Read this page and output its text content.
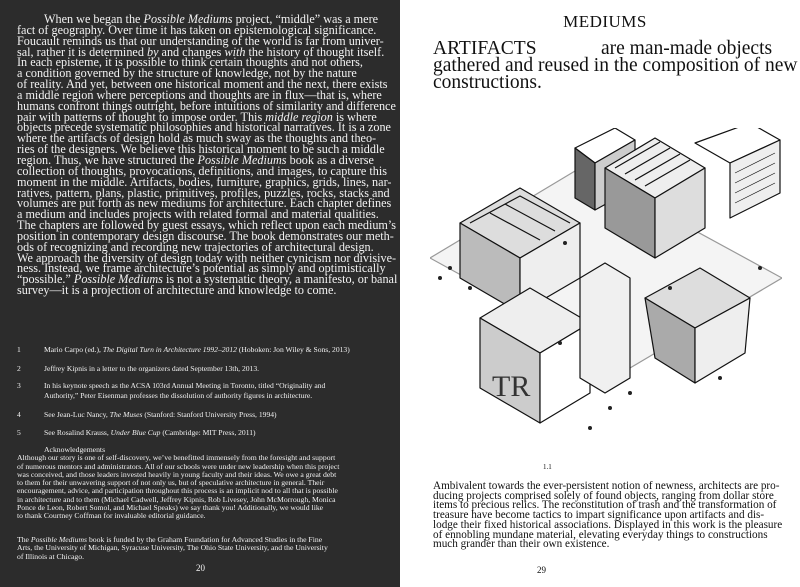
When we began the Possible Mediums project, “middle” was a mere
fact of geography. Over time it has taken on epistemological significance.
Foucault reminds us that our understanding of the world is far from univer-
sal, rather it is determined by and changes with the history of thought itself.
In each episteme, it is possible to think certain thoughts and not others,
a condition governed by the structure of knowledge, not by the nature
of reality. And yet, between one historical moment and the next, there exists
a middle region where perceptions and thoughts are in flux—that is, where
humans confront things outright, before intuitions of similarity and difference
pair with patterns of thought to impose order. This middle region is where
objects precede systematic philosophies and historical narratives. It is a zone
where the artifacts of design hold as much sway as the thoughts and theo-
ries of the designers. We believe this historical moment to be such a middle
region. Thus, we have structured the Possible Mediums book as a diverse
collection of thoughts, provocations, definitions, and images, to capture this
moment in the middle. Artifacts, bodies, furniture, graphics, grids, lines, nar-
ratives, pattern, plans, plastic, primitives, profiles, puzzles, rocks, stacks and
volumes are put forth as new mediums for architecture. Each chapter defines
a medium and includes projects with related formal and material qualities.
The chapters are followed by guest essays, which reflect upon each medium’s
position in contemporary design discourse. The book demonstrates our meth-
ods of recognizing and recording new trajectories of architectural design.
We approach the diversity of design today with neither cynicism nor divisive-
ness. Instead, we frame architecture’s potential as simply and optimistically
“possible.” Possible Mediums is not a systematic theory, a manifesto, or banal
survey—it is a projection of architecture and knowledge to come.
1	Mario Carpo (ed.), The Digital Turn in Architecture 1992–2012 (Hoboken: Jon Wiley & Sons, 2013)
2	Jeffrey Kipnis in a letter to the organizers dated September 13th, 2013.
3	In his keynote speech as the ACSA 103rd Annual Meeting in Toronto, titled “Originality and
Authority,” Peter Eisenman professes the dissolution of authority figures in architecture.
4	See Jean-Luc Nancy, The Muses (Stanford: Stanford University Press, 1994)
5	See Rosalind Krauss, Under Blue Cup (Cambridge: MIT Press, 2011)
Acknowledgements
Although our story is one of self-discovery, we’ve benefitted immensely from the foresight and support
of numerous mentors and administrators. All of our schools were under new leadership when this project
was conceived, and those leaders invested heavily in young faculty and their ideas. We owe a great debt
to them for their unwavering support of not only us, but of speculative architecture in general. Their
encouragement, advice, and participation throughout this process is an implicit nod to all that is possible
in architecture and to them (Michael Cadwell, Jeffrey Kipnis, Rob Livesey, John McMorrough, Monica
Ponce de Leon, Robert Somol, and Michael Speaks) we say thank you! Additionally, we would like
to thank Courtney Coffman for invaluable editorial guidance.
The Possible Mediums book is funded by the Graham Foundation for Advanced Studies in the Fine
Arts, the University of Michigan, Syracuse University, The Ohio State University, and the University
of Illinois at Chicago.
20
MEDIUMS
ARTIFACTS	are man-made objects
gathered and reused in the composition of new
constructions.
TR
1.1
Ambivalent towards the ever-persistent notion of newness, architects are pro-
ducing projects comprised solely of found objects, ranging from dollar store
items to precious relics. The reconstitution of trash and the transformation of
treasure have become tactics to impart significance upon artifacts and dis-
lodge their fixed historical associations. Displayed in this work is the pleasure
of ennobling mundane material, elevating everyday things to constructions
much grander than their own existence.
29
